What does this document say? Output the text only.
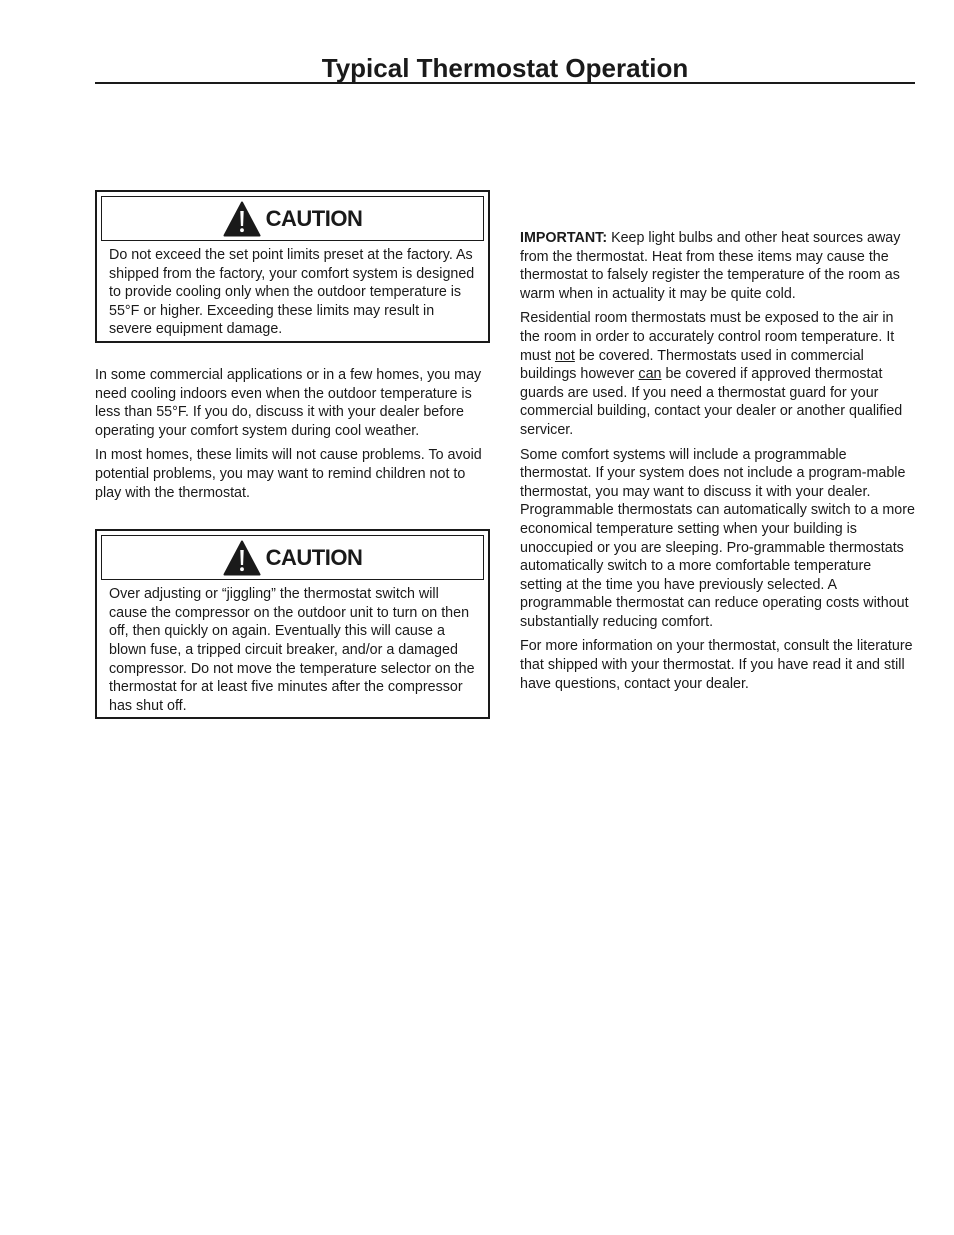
Typical Thermostat Operation
CAUTION
Do not exceed the set point limits preset at the factory. As shipped from the factory, your comfort system is designed to provide cooling only when the outdoor temperature is 55°F or higher. Exceeding these limits may result in severe equipment damage.

In some commercial applications or in a few homes, you may need cooling indoors even when the outdoor temperature is less than 55°F. If you do, discuss it with your dealer before operating your comfort system during cool weather.

In most homes, these limits will not cause problems. To avoid potential problems, you may want to remind children not to play with the thermostat.

CAUTION
Over adjusting or “jiggling” the thermostat switch will cause the compressor on the outdoor unit to turn on then off, then quickly on again. Eventually this will cause a blown fuse, a tripped circuit breaker, and/or a damaged compressor. Do not move the temperature selector on the thermostat for at least five minutes after the compressor has shut off.

IMPORTANT: Keep light bulbs and other heat sources away from the thermostat. Heat from these items may cause the thermostat to falsely register the temperature of the room as warm when in actuality it may be quite cold.

Residential room thermostats must be exposed to the air in the room in order to accurately control room temperature. It must not be covered. Thermostats used in commercial buildings however can be covered if approved thermostat guards are used. If you need a thermostat guard for your commercial building, contact your dealer or another qualified servicer.

Some comfort systems will include a programmable thermostat. If your system does not include a program-mable thermostat, you may want to discuss it with your dealer. Programmable thermostats can automatically switch to a more economical temperature setting when your building is unoccupied or you are sleeping. Pro-grammable thermostats automatically switch to a more comfortable temperature setting at the time you have previously selected. A programmable thermostat can reduce operating costs without substantially reducing comfort.

For more information on your thermostat, consult the literature that shipped with your thermostat. If you have read it and still have questions, contact your dealer.
